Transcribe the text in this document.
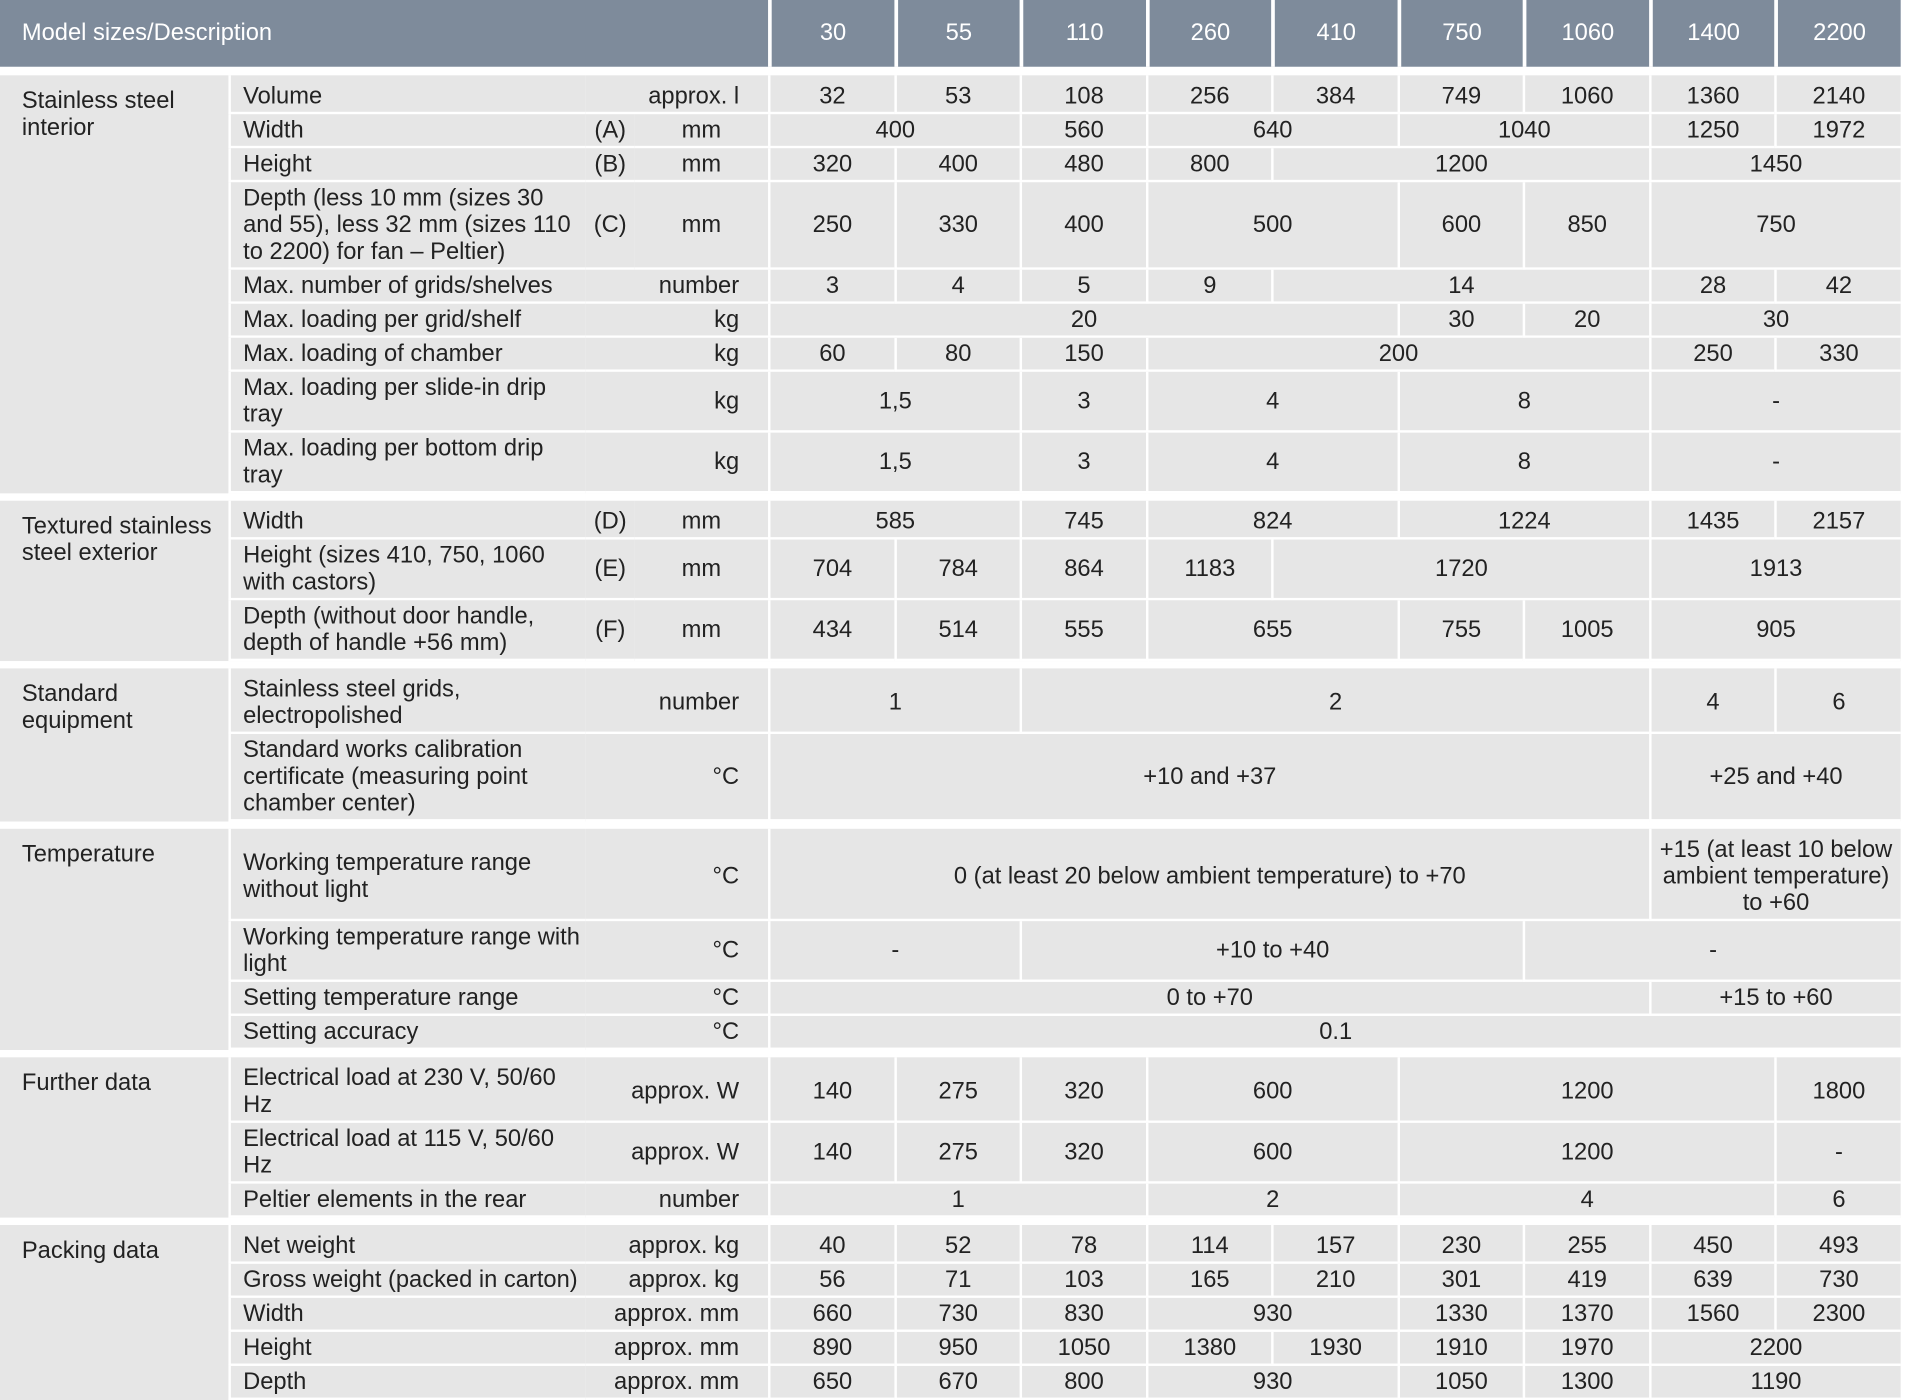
Model sizes/Description				30	55	110	260	410	750	1060	1400	2200

Stainless steel interior	Volume	approx. l		32	53	108	256	384	749	1060	1360	2140
	Width	(A)	mm	400		560	640		1040		1250	1972
	Height	(B)	mm	320	400	480	800	1200			1450	
	Depth (less 10 mm (sizes 30 and 55), less 32 mm (sizes 110 to 2200) for fan – Peltier)	(C)	mm	250	330	400	500		600	850	750	
	Max. number of grids/shelves	number		3	4	5	9	14			28	42
	Max. loading per grid/shelf	kg		20					30	20	30	
	Max. loading of chamber	kg		60	80	150	200				250	330
	Max. loading per slide-in drip tray	kg		1,5		3	4		8		-	
	Max. loading per bottom drip tray	kg		1,5		3	4		8		-	

Textured stainless steel exterior	Width	(D)	mm	585		745	824		1224		1435	2157
	Height (sizes 410, 750, 1060 with castors)	(E)	mm	704	784	864	1183	1720			1913	
	Depth (without door handle, depth of handle +56 mm)	(F)	mm	434	514	555	655		755	1005	905	

Standard equipment	Stainless steel grids, electropolished	number		1		2					4	6
	Standard works calibration certificate (measuring point chamber center)	°C		+10 and +37							+25 and +40	

Temperature	Working temperature range without light	°C		0 (at least 20 below ambient temperature) to +70							+15 (at least 10 below ambient temperature) to +60	
	Working temperature range with light	°C		-		+10 to +40				-		
	Setting temperature range	°C		0 to +70							+15 to +60	
	Setting accuracy	°C		0.1								

Further data	Electrical load at 230 V, 50/60 Hz	approx. W		140	275	320	600		1200			1800
	Electrical load at 115 V, 50/60 Hz	approx. W		140	275	320	600		1200			-
	Peltier elements in the rear	number		1			2		4			6

Packing data	Net weight	approx. kg		40	52	78	114	157	230	255	450	493
	Gross weight (packed in carton)	approx. kg		56	71	103	165	210	301	419	639	730
	Width	approx. mm		660	730	830	930		1330	1370	1560	2300
	Height	approx. mm		890	950	1050	1380	1930	1910	1970	2200	
	Depth	approx. mm		650	670	800	930		1050	1300	1190	
